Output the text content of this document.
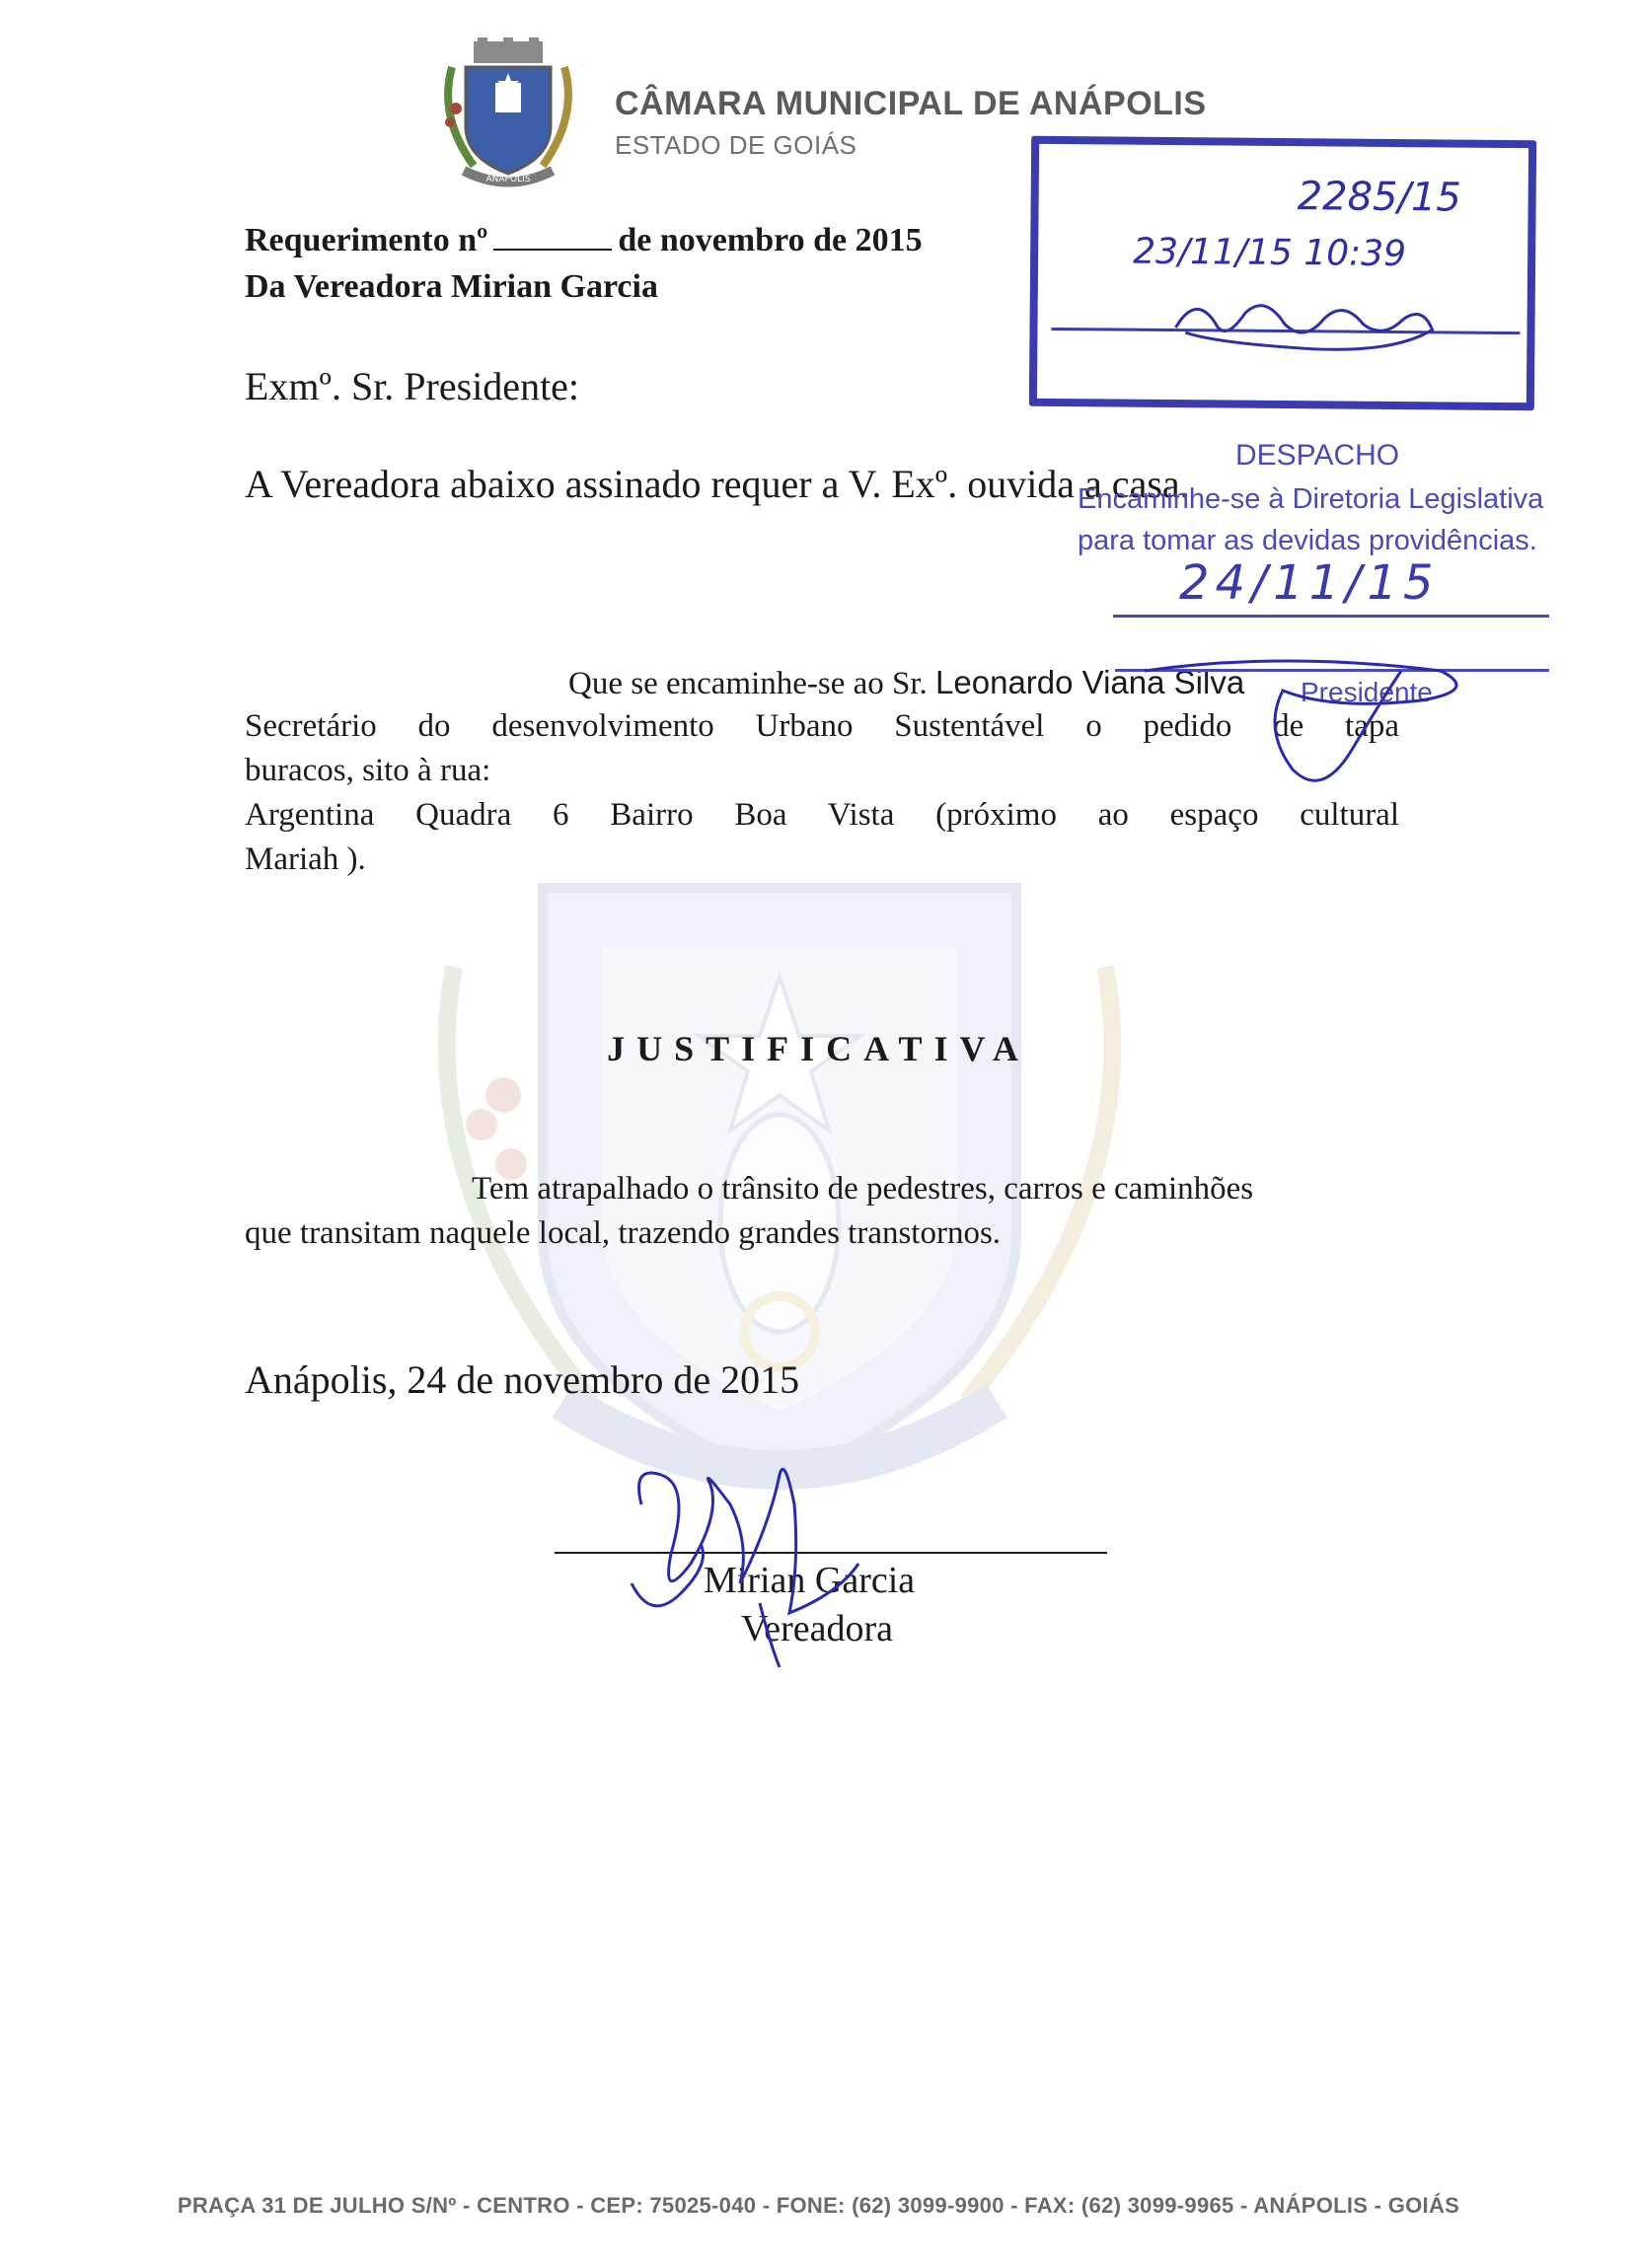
ANÁPOLIS
CÂMARA MUNICIPAL DE ANÁPOLIS
ESTADO DE GOIÁS
Requerimento nº	de novembro de 2015
Da Vereadora Mirian Garcia
Exmº. Sr. Presidente:
A Vereadora abaixo assinado requer a V. Exº. ouvida a casa.
Que se encaminhe-se ao Sr. Leonardo Viana Silva
Secretário do desenvolvimento Urbano Sustentável o pedido de tapa
buracos, sito à rua:
Argentina Quadra 6 Bairro Boa Vista (próximo ao espaço cultural
Mariah ).
JUSTIFICATIVA
Tem atrapalhado o trânsito de pedestres, carros e caminhões
que transitam naquele local, trazendo grandes transtornos.
Anápolis, 24 de novembro de 2015
Mirian Garcia
Vereadora
2285/15
23/11/15 10:39
DESPACHO
Encaminhe-se à Diretoria Legislativa
para tomar as devidas providências.
24/11/15
Presidente
PRAÇA 31 DE JULHO S/Nº - CENTRO - CEP: 75025-040 - FONE: (62) 3099-9900 - FAX: (62) 3099-9965 - ANÁPOLIS - GOIÁS
